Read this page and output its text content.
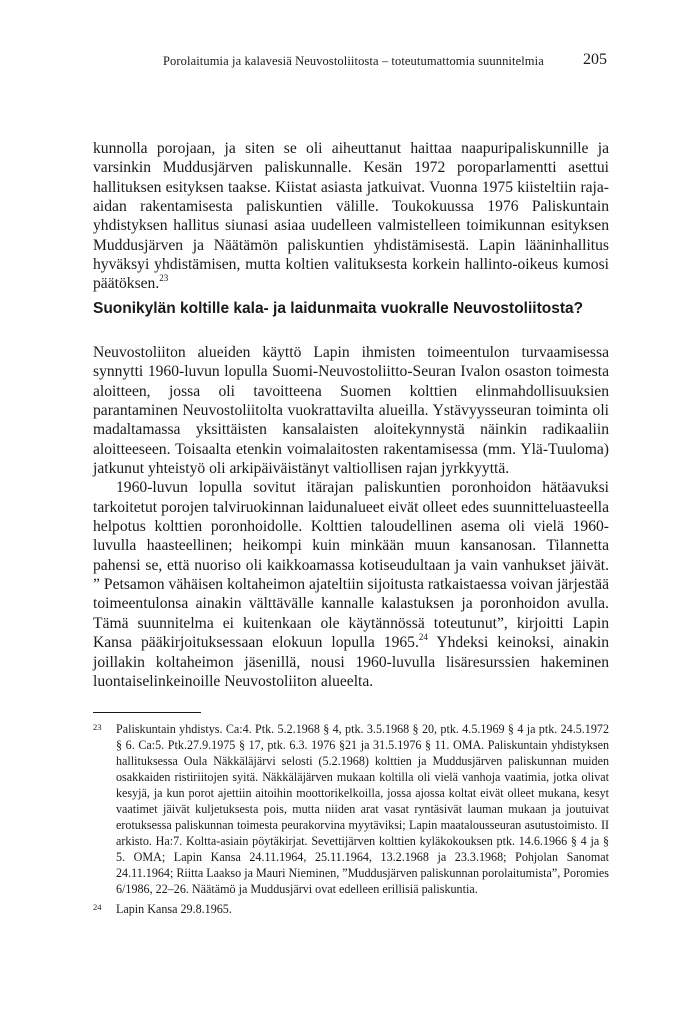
Porolaitumia ja kalavesiä Neuvostoliitosta – toteutumattomia suunnitelmia 205

kunnolla porojaan, ja siten se oli aiheuttanut haittaa naapuripaliskunnille ja varsinkin Muddusjärven paliskunnalle. Kesän 1972 poroparlamentti asettui hallituksen esityksen taakse. Kiistat asiasta jatkuivat. Vuonna 1975 kiisteltiin raja-aidan rakentamisesta paliskuntien välille. Toukokuussa 1976 Paliskuntain yhdistyksen hallitus siunasi asiaa uudelleen valmistelleen toimikunnan esityksen Muddusjärven ja Näätämön paliskuntien yhdistämisestä. Lapin lääninhallitus hyväksyi yhdistämisen, mutta koltien valituksesta korkein hallinto-oikeus kumosi päätöksen.$^{23}$

Suonikylän koltille kala- ja laidunmaita vuokralle Neuvostoliitosta?

Neuvostoliiton alueiden käyttö Lapin ihmisten toimeentulon turvaamisessa synnytti 1960-luvun lopulla Suomi-Neuvostoliitto-Seuran Ivalon osaston toimesta aloitteen, jossa oli tavoitteena Suomen kolttien elinmahdollisuuksien parantaminen Neuvostoliitolta vuokrattavilta alueilla. Ystävyysseuran toiminta oli madaltamassa yksittäisten kansalaisten aloitekynnystä näinkin radikaaliin aloitteeseen. Toisaalta etenkin voimalaitosten rakentamisessa (mm. Ylä-Tuuloma) jatkunut yhteistyö oli arkipäiväistänyt valtiollisen rajan jyrkkyyttä.

1960-luvun lopulla sovitut itärajan paliskuntien poronhoidon hätäavuksi tarkoitetut porojen talviruokinnan laidunalueet eivät olleet edes suunnitteluasteella helpotus kolttien poronhoidolle. Kolttien taloudellinen asema oli vielä 1960-luvulla haasteellinen; heikompi kuin minkään muun kansanosan. Tilannetta pahensi se, että nuoriso oli kaikkoamassa kotiseudultaan ja vain vanhukset jäivät. ” Petsamon vähäisen koltaheimon ajateltiin sijoitusta ratkaistaessa voivan järjestää toimeentulonsa ainakin välttävälle kannalle kalastuksen ja poronhoidon avulla. Tämä suunnitelma ei kuitenkaan ole käytännössä toteutunut”, kirjoitti Lapin Kansa pääkirjoituksessaan elokuun lopulla 1965.24 Yhdeksi keinoksi, ainakin joillakin koltaheimon jäsenillä, nousi 1960-luvulla lisäresurssien hakeminen luontaiselinkeinoille Neuvostoliiton alueelta.

23 Paliskuntain yhdistys. Ca:4. Ptk. 5.2.1968 § 4, ptk. 3.5.1968 § 20, ptk. 4.5.1969 § 4 ja ptk. 24.5.1972 § 6. Ca:5. Ptk.27.9.1975 § 17, ptk. 6.3. 1976 §21 ja 31.5.1976 § 11. OMA. Paliskuntain yhdistyksen hallituksessa Oula Näkkäläjärvi selosti (5.2.1968) kolttien ja Muddusjärven paliskunnan muiden osakkaiden ristiriitojen syitä. Näkkäläjärven mukaan koltilla oli vielä vanhoja vaatimia, jotka olivat kesyjä, ja kun porot ajettiin aitoihin moottorikelkoilla, jossa ajossa koltat eivät olleet mukana, kesyt vaatimet jäivät kuljetuksesta pois, mutta niiden arat vasat ryntäsivät lauman mukaan ja joutuivat erotuksessa paliskunnan toimesta peurakorvina myytäviksi; Lapin maatalousseuran asutustoimisto. II arkisto. Ha:7. Koltta-asiain pöytäkirjat. Sevettijärven kolttien kyläkokouksen ptk. 14.6.1966 § 4 ja § 5. OMA; Lapin Kansa 24.11.1964, 25.11.1964, 13.2.1968 ja 23.3.1968; Pohjolan Sanomat 24.11.1964; Riitta Laakso ja Mauri Nieminen, ”Muddusjärven paliskunnan porolaitumista”, Poromies 6/1986, 22–26. Näätämö ja Muddusjärvi ovat edelleen erillisiä paliskuntia.
24 Lapin Kansa 29.8.1965.
